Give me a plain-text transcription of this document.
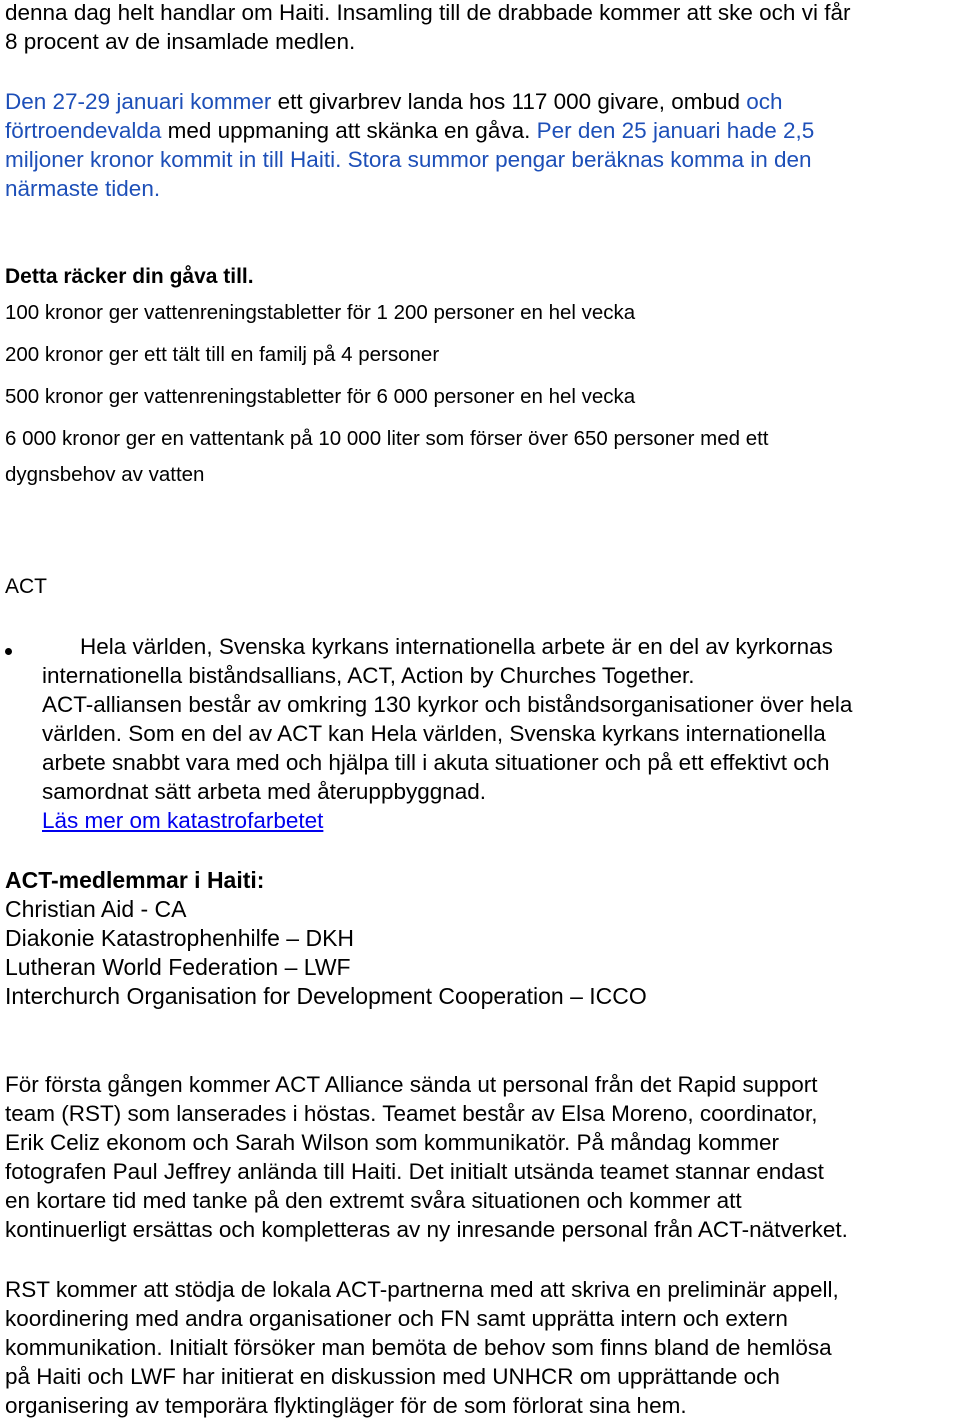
denna dag helt handlar om Haiti. Insamling till de drabbade kommer att ske och vi får

8 procent av de insamlade medlen.

Den 27-29 januari kommer ett givarbrev landa hos 117 000 givare, ombud och

förtroendevalda med uppmaning att skänka en gåva. Per den 25 januari hade 2,5

miljoner kronor kommit in till Haiti. Stora summor pengar beräknas komma in den

närmaste tiden.

Detta räcker din gåva till.

100 kronor ger vattenreningstabletter för 1 200 personer en hel vecka

200 kronor ger ett tält till en familj på 4 personer

500 kronor ger vattenreningstabletter för 6 000 personer en hel vecka

6 000 kronor ger en vattentank på 10 000 liter som förser över 650 personer med ett

dygnsbehov av vatten

ACT

Hela världen, Svenska kyrkans internationella arbete är en del av kyrkornas

internationella biståndsallians, ACT, Action by Churches Together.

ACT-alliansen består av omkring 130 kyrkor och biståndsorganisationer över hela

världen. Som en del av ACT kan Hela världen, Svenska kyrkans internationella

arbete snabbt vara med och hjälpa till i akuta situationer och på ett effektivt och

samordnat sätt arbeta med återuppbyggnad.

Läs mer om katastrofarbetet

ACT-medlemmar i Haiti:

Christian Aid - CA

Diakonie Katastrophenhilfe – DKH

Lutheran World Federation – LWF

Interchurch Organisation for Development Cooperation – ICCO

För första gången kommer ACT Alliance sända ut personal från det Rapid support

team (RST) som lanserades i höstas. Teamet består av Elsa Moreno, coordinator,

Erik Celiz ekonom och Sarah Wilson som kommunikatör. På måndag kommer

fotografen Paul Jeffrey anlända till Haiti. Det initialt utsända teamet stannar endast

en kortare tid med tanke på den extremt svåra situationen och kommer att

kontinuerligt ersättas och kompletteras av ny inresande personal från ACT-nätverket.

RST kommer att stödja de lokala ACT-partnerna med att skriva en preliminär appell,

koordinering med andra organisationer och FN samt upprätta intern och extern

kommunikation. Initialt försöker man bemöta de behov som finns bland de hemlösa

på Haiti och LWF har initierat en diskussion med UNHCR om upprättande och

organisering av temporära flyktingläger för de som förlorat sina hem.
